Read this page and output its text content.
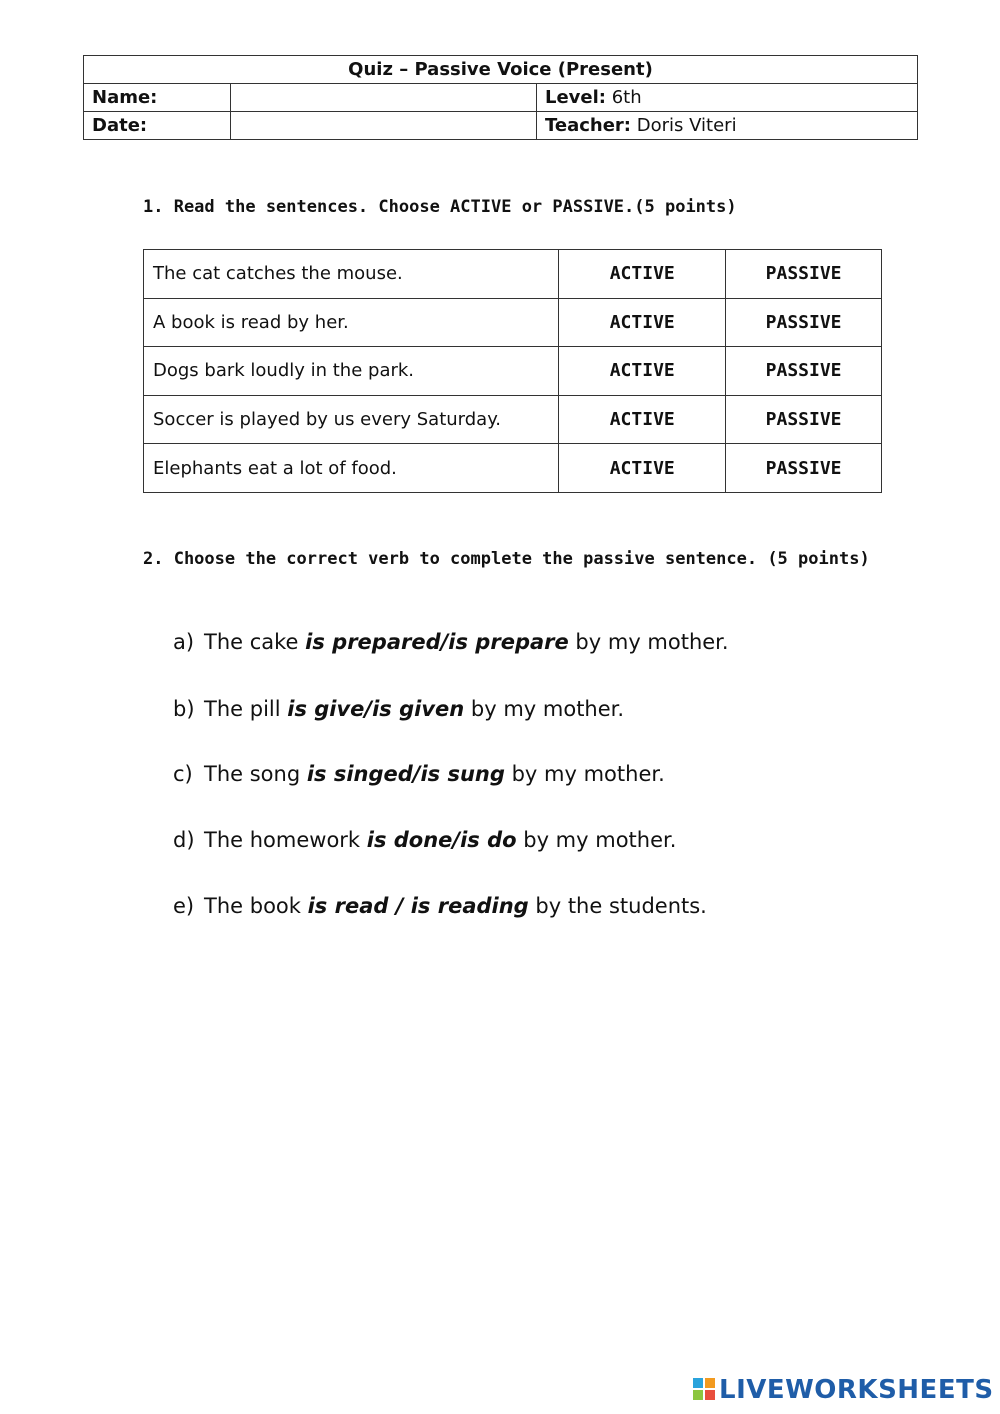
Quiz – Passive Voice (Present)		
Name:		Level: 6th
Date:		Teacher: Doris Viteri
1. Read the sentences. Choose ACTIVE or PASSIVE.(5 points)
The cat catches the mouse.	ACTIVE	PASSIVE
A book is read by her.	ACTIVE	PASSIVE
Dogs bark loudly in the park.	ACTIVE	PASSIVE
Soccer is played by us every Saturday.	ACTIVE	PASSIVE
Elephants eat a lot of food.	ACTIVE	PASSIVE
2. Choose the correct verb to complete the passive sentence. (5 points)
a) The cake is prepared/is prepare by my mother.
b) The pill is give/is given by my mother.
c) The song is singed/is sung by my mother.
d) The homework is done/is do by my mother.
e) The book is read / is reading by the students.
LIVEWORKSHEETS
